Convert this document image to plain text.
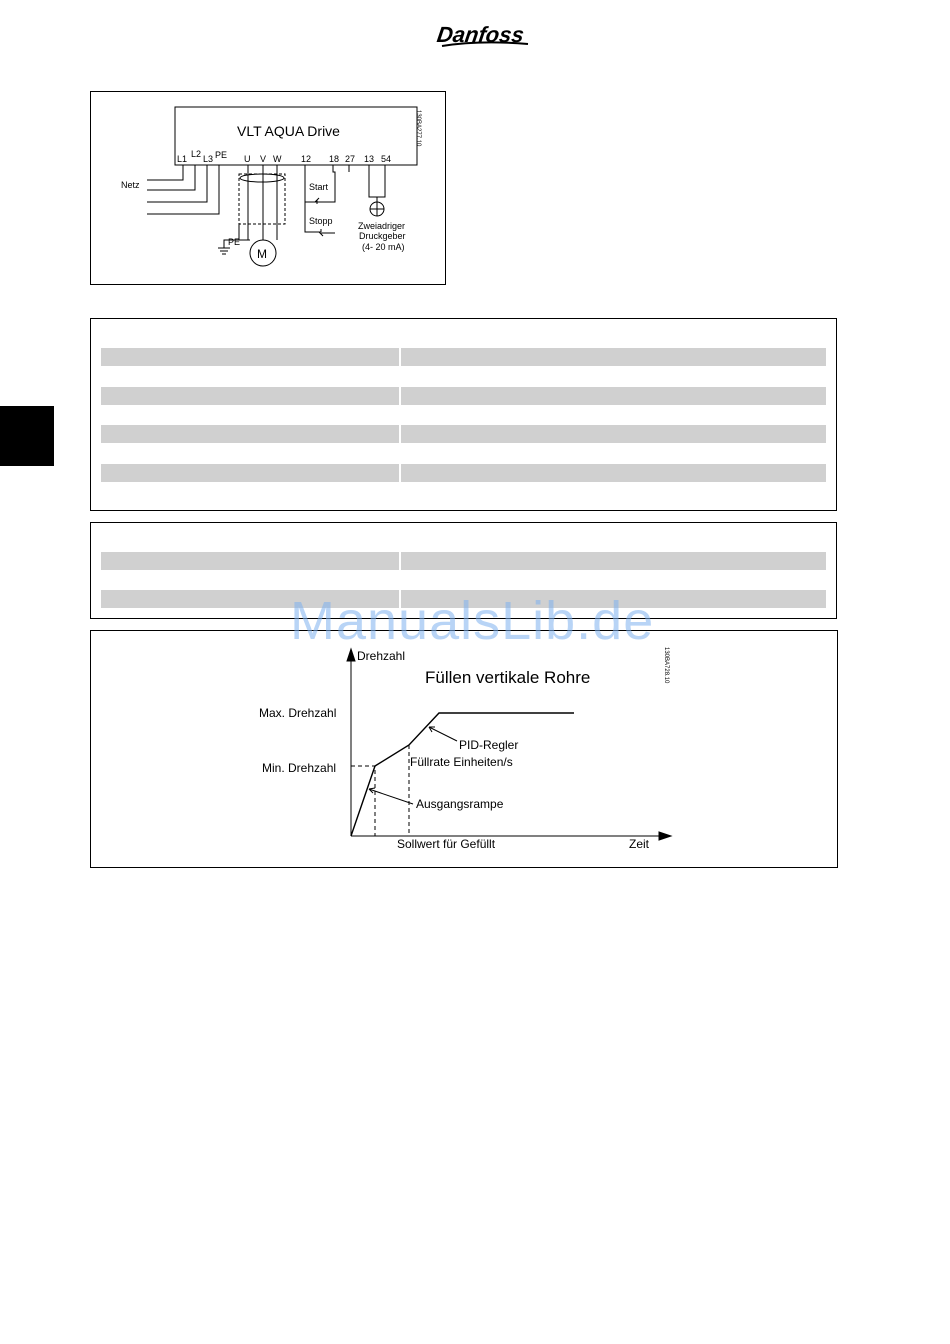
Danfoss
VLT AQUA Drive	130BA277.10
L1 L2 L3 PE U V W 12 18 27 13 54
Netz	Start
Stopp
PE
M
Zweiadriger
Druckgeber
(4- 20 mA)
Drehzahl
Füllen vertikale Rohre	130BA728.10
Max. Drehzahl
Min. Drehzahl
PID-Regler
Füllrate Einheiten/s
Ausgangsrampe
Sollwert für Gefüllt	Zeit
ManualsLib.de
